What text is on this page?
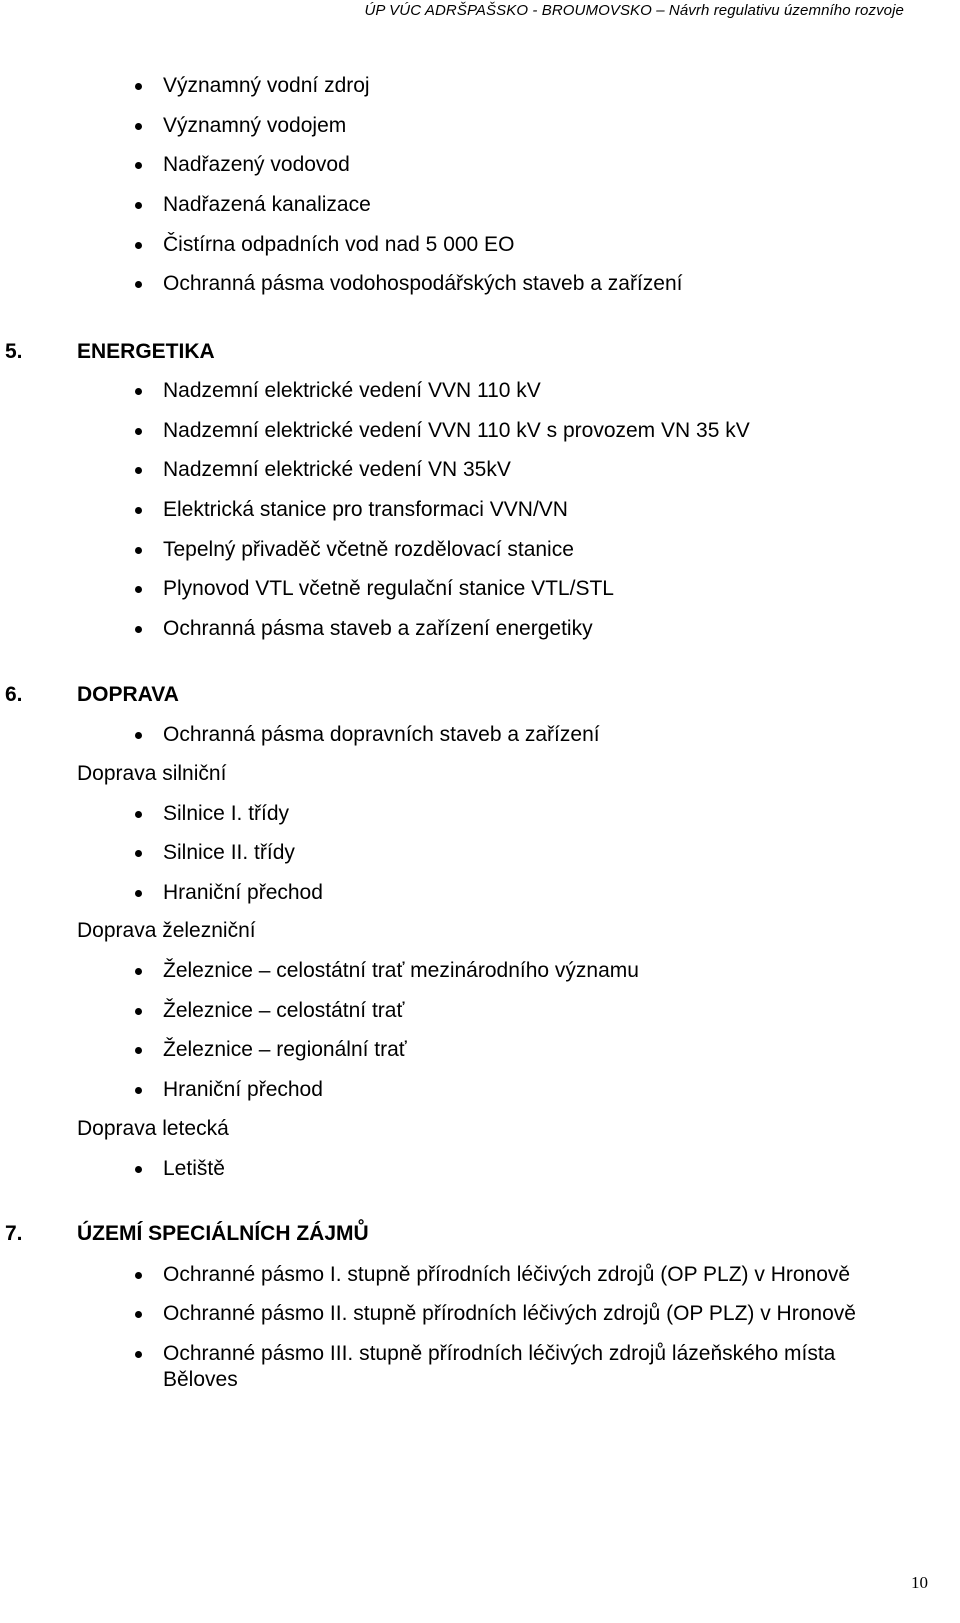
ÚP VÚC ADRŠPAŠSKO - BROUMOVSKO – Návrh regulativu územního rozvoje
Významný vodní zdroj
Významný vodojem
Nadřazený vodovod
Nadřazená kanalizace
Čistírna odpadních vod nad 5 000 EO
Ochranná pásma vodohospodářských staveb a zařízení
5.	ENERGETIKA
Nadzemní elektrické vedení VVN 110 kV
Nadzemní elektrické vedení VVN 110 kV s provozem VN 35 kV
Nadzemní elektrické vedení VN 35kV
Elektrická stanice pro transformaci VVN/VN
Tepelný přivaděč včetně rozdělovací stanice
Plynovod VTL včetně regulační stanice VTL/STL
Ochranná pásma staveb a zařízení energetiky
6.	DOPRAVA
Ochranná pásma dopravních staveb a zařízení
Doprava silniční
Silnice I. třídy
Silnice II. třídy
Hraniční přechod
Doprava železniční
Železnice – celostátní trať mezinárodního významu
Železnice – celostátní trať
Železnice – regionální trať
Hraniční přechod
Doprava letecká
Letiště
7.	ÚZEMÍ SPECIÁLNÍCH ZÁJMŮ
Ochranné pásmo I. stupně přírodních léčivých zdrojů (OP PLZ) v Hronově
Ochranné pásmo II. stupně přírodních léčivých zdrojů (OP PLZ) v Hronově
Ochranné pásmo III. stupně přírodních léčivých zdrojů lázeňského místa Běloves
10
